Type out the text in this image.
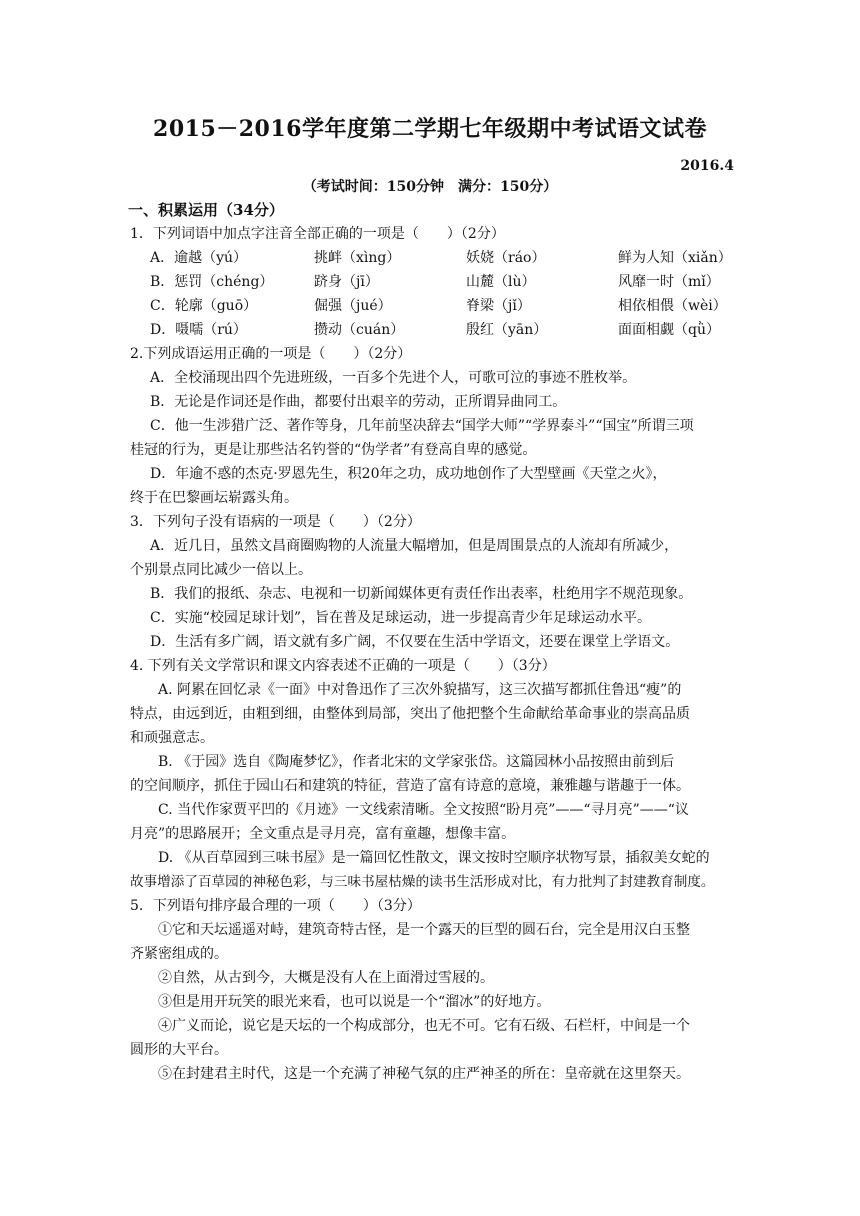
2015－2016学年度第二学期七年级期中考试语文试卷
2016.4
（考试时间：150分钟　满分：150分）
一、积累运用（34分）
1．下列词语中加点字注音全部正确的一项是（　　）（2分）
A．逾越（yú）	挑衅（xìng）	妖娆（ráo）	鲜为人知（xiǎn）
B．惩罚（chéng）	跻身（jī）	山麓（lù）	风靡一时（mǐ）
C．轮廓（guō）	倔强（jué）	脊梁（jǐ）	相依相偎（wèi）
D．嗫嚅（rú）	攒动（cuán）	殷红（yān）	面面相觑（qǜ）
2.下列成语运用正确的一项是（　　）（2分）
A．全校涌现出四个先进班级，一百多个先进个人，可歌可泣的事迹不胜枚举。
B．无论是作词还是作曲，都要付出艰辛的劳动，正所谓异曲同工。
C．他一生涉猎广泛、著作等身，几年前坚决辞去“国学大师”“学界泰斗”“国宝”所谓三项
桂冠的行为，更是让那些沽名钓誉的“伪学者”有登高自卑的感觉。
D．年逾不惑的杰克·罗恩先生，积20年之功，成功地创作了大型壁画《天堂之火》，
终于在巴黎画坛崭露头角。
3．下列句子没有语病的一项是（　　）（2分）
A．近几日，虽然文昌商圈购物的人流量大幅增加，但是周围景点的人流却有所减少，
个别景点同比减少一倍以上。
B．我们的报纸、杂志、电视和一切新闻媒体更有责任作出表率，杜绝用字不规范现象。
C．实施“校园足球计划”，旨在普及足球运动，进一步提高青少年足球运动水平。
D．生活有多广阔，语文就有多广阔，不仅要在生活中学语文，还要在课堂上学语文。
4. 下列有关文学常识和课文内容表述不正确的一项是（　　）（3分）
A. 阿累在回忆录《一面》中对鲁迅作了三次外貌描写，这三次描写都抓住鲁迅“瘦”的
特点，由远到近，由粗到细，由整体到局部，突出了他把整个生命献给革命事业的崇高品质
和顽强意志。
B. 《于园》选自《陶庵梦忆》，作者北宋的文学家张岱。这篇园林小品按照由前到后
的空间顺序，抓住于园山石和建筑的特征，营造了富有诗意的意境，兼雅趣与谐趣于一体。
C. 当代作家贾平凹的《月迹》一文线索清晰。全文按照“盼月亮”——“寻月亮”——“议
月亮”的思路展开；全文重点是寻月亮，富有童趣，想像丰富。
D. 《从百草园到三味书屋》是一篇回忆性散文，课文按时空顺序状物写景，插叙美女蛇的
故事增添了百草园的神秘色彩，与三味书屋枯燥的读书生活形成对比，有力批判了封建教育制度。
5．下列语句排序最合理的一项（　　）（3分）
①它和天坛遥遥对峙，建筑奇特古怪，是一个露天的巨型的圆石台，完全是用汉白玉整
齐紧密组成的。
②自然，从古到今，大概是没有人在上面滑过雪屐的。
③但是用开玩笑的眼光来看，也可以说是一个“溜冰”的好地方。
④广义而论，说它是天坛的一个构成部分，也无不可。它有石级、石栏杆，中间是一个
圆形的大平台。
⑤在封建君主时代，这是一个充满了神秘气氛的庄严神圣的所在：皇帝就在这里祭天。
